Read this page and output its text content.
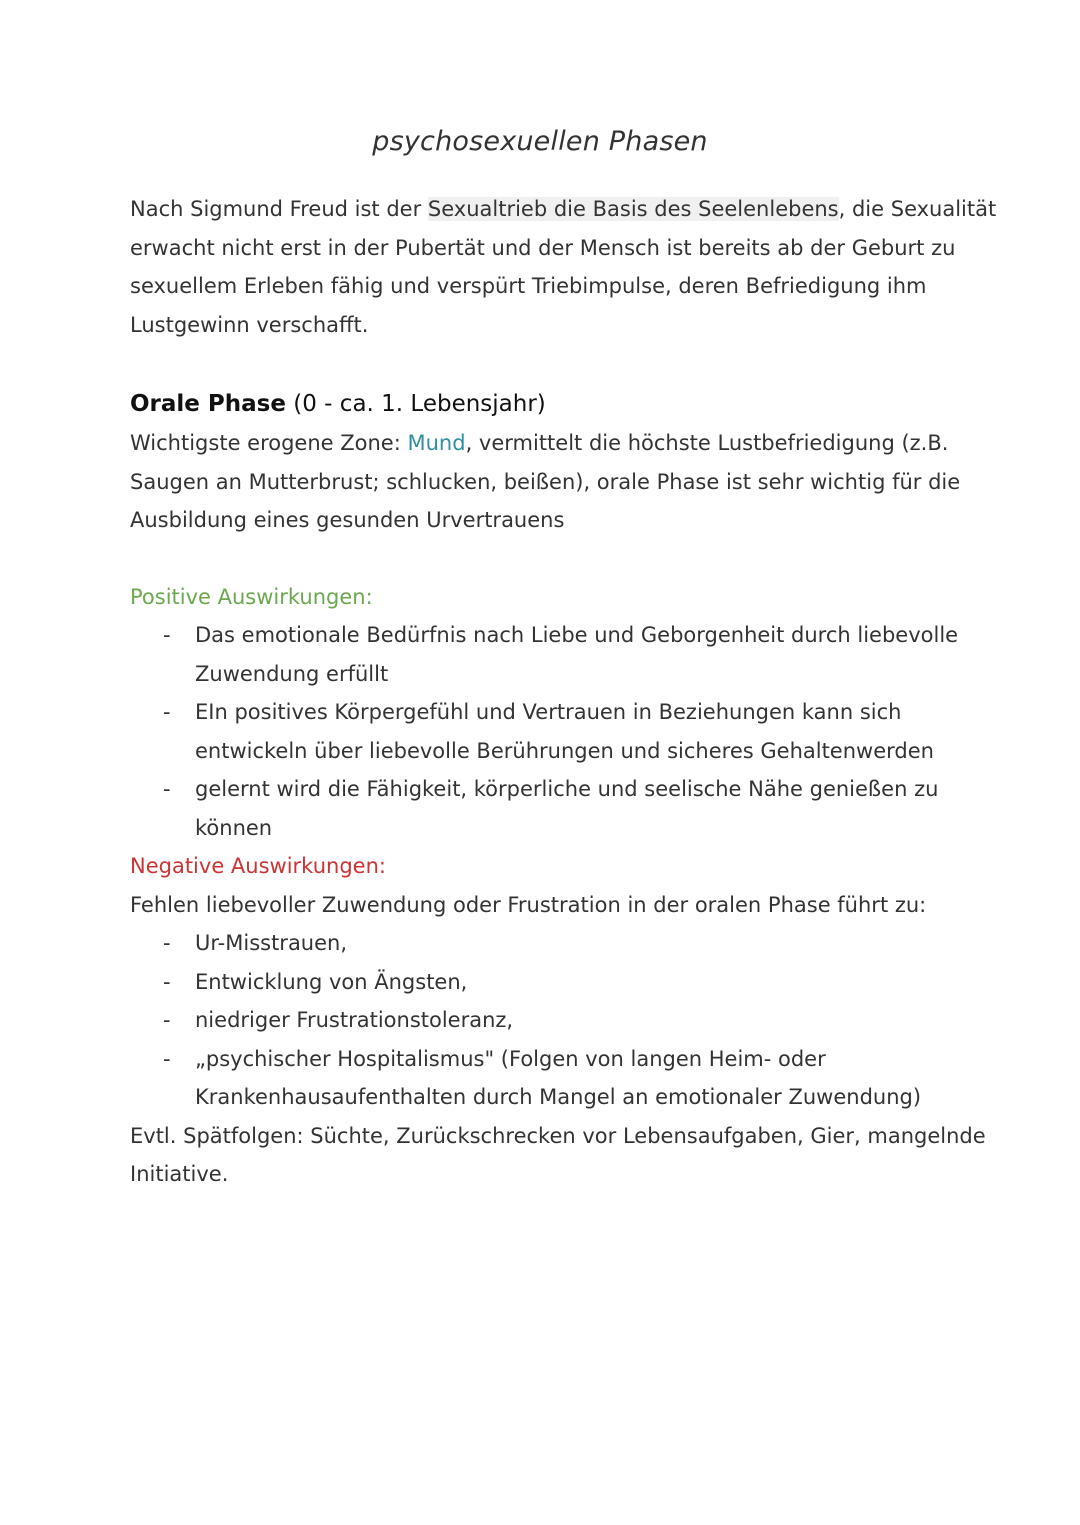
psychosexuellen Phasen
Nach Sigmund Freud ist der Sexualtrieb die Basis des Seelenlebens, die Sexualität
erwacht nicht erst in der Pubertät und der Mensch ist bereits ab der Geburt zu
sexuellem Erleben fähig und verspürt Triebimpulse, deren Befriedigung ihm
Lustgewinn verschafft.
Orale Phase (0 - ca. 1. Lebensjahr)
Wichtigste erogene Zone: Mund, vermittelt die höchste Lustbefriedigung (z.B.
Saugen an Mutterbrust; schlucken, beißen), orale Phase ist sehr wichtig für die
Ausbildung eines gesunden Urvertrauens
Positive Auswirkungen:
- Das emotionale Bedürfnis nach Liebe und Geborgenheit durch liebevolle
Zuwendung erfüllt
- EIn positives Körpergefühl und Vertrauen in Beziehungen kann sich
entwickeln über liebevolle Berührungen und sicheres Gehaltenwerden
- gelernt wird die Fähigkeit, körperliche und seelische Nähe genießen zu
können
Negative Auswirkungen:
Fehlen liebevoller Zuwendung oder Frustration in der oralen Phase führt zu:
- Ur-Misstrauen,
- Entwicklung von Ängsten,
- niedriger Frustrationstoleranz,
- „psychischer Hospitalismus" (Folgen von langen Heim- oder
Krankenhausaufenthalten durch Mangel an emotionaler Zuwendung)
Evtl. Spätfolgen: Süchte, Zurückschrecken vor Lebensaufgaben, Gier, mangelnde
Initiative.
